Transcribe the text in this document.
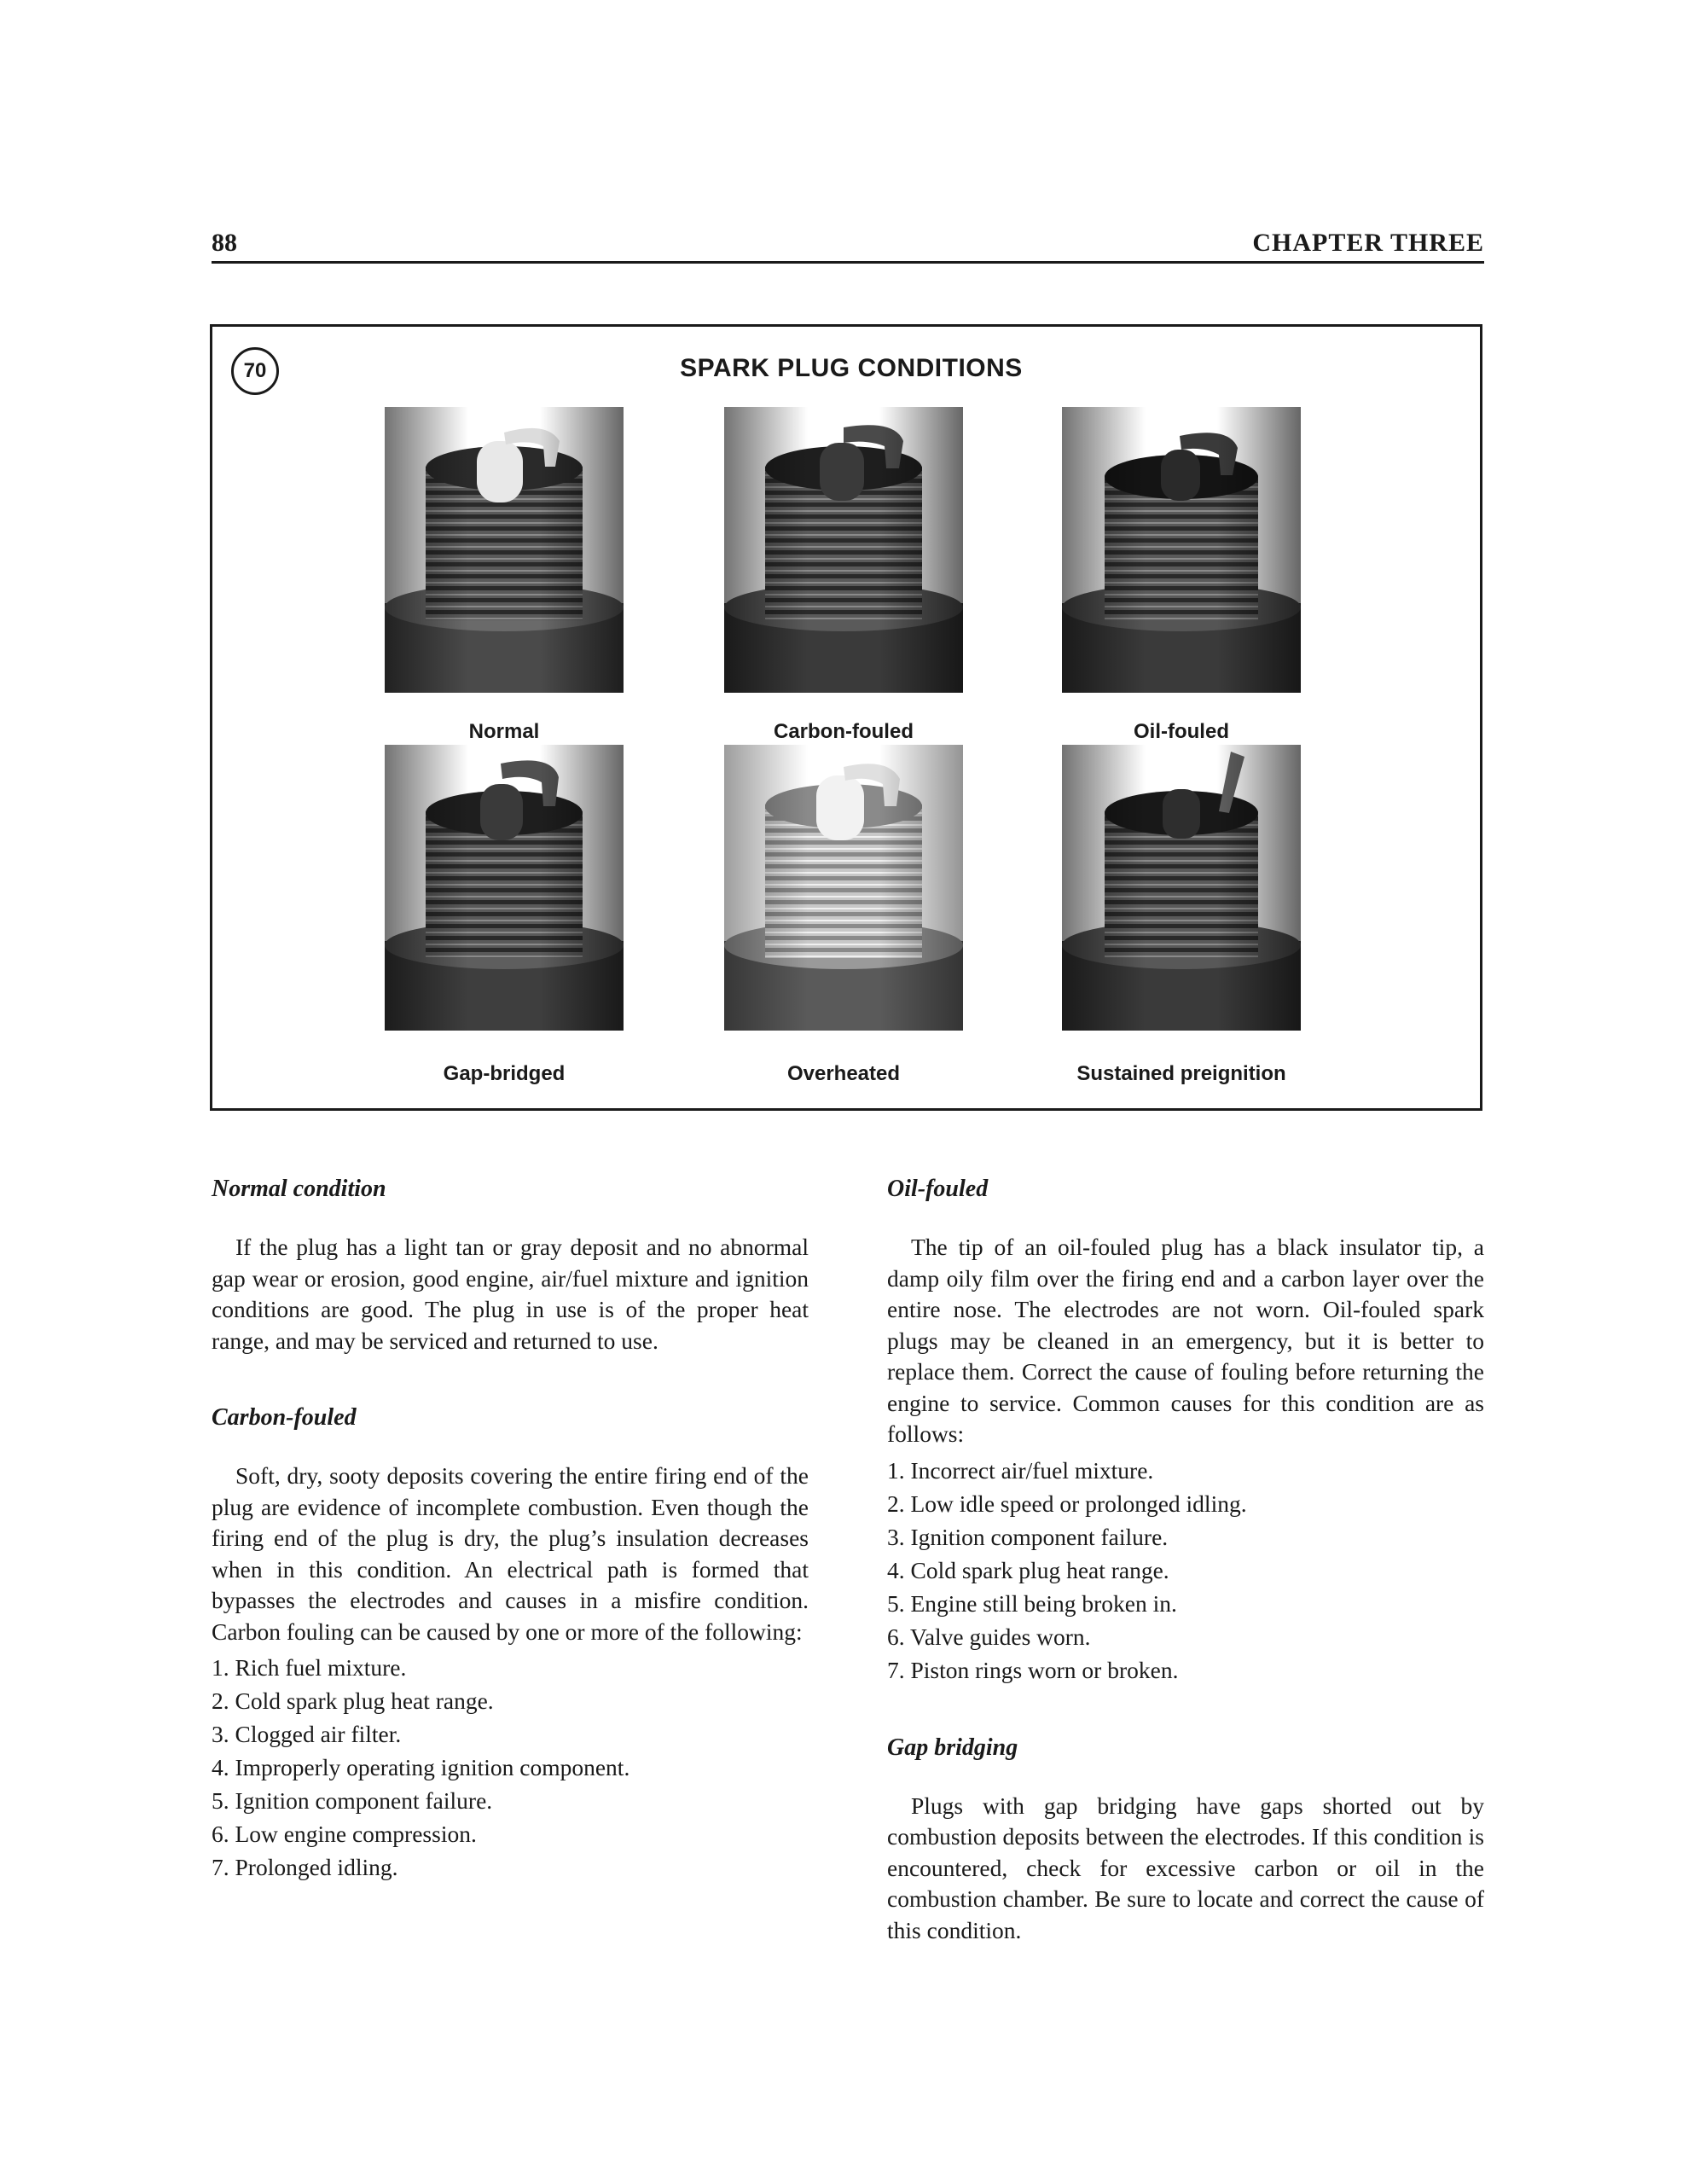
88	CHAPTER THREE
70	SPARK PLUG CONDITIONS
Normal	Carbon-fouled	Oil-fouled
Gap-bridged	Overheated	Sustained preignition
Normal condition

If the plug has a light tan or gray deposit and no abnormal gap wear or erosion, good engine, air/fuel mixture and ignition conditions are good. The plug in use is of the proper heat range, and may be serviced and returned to use.

Carbon-fouled

Soft, dry, sooty deposits covering the entire firing end of the plug are evidence of incomplete combustion. Even though the firing end of the plug is dry, the plug’s insulation decreases when in this condition. An electrical path is formed that bypasses the electrodes and causes in a misfire condition. Carbon fouling can be caused by one or more of the following:

1. Rich fuel mixture.
2. Cold spark plug heat range.
3. Clogged air filter.
4. Improperly operating ignition component.
5. Ignition component failure.
6. Low engine compression.
7. Prolonged idling.
Oil-fouled

The tip of an oil-fouled plug has a black insulator tip, a damp oily film over the firing end and a carbon layer over the entire nose. The electrodes are not worn. Oil-fouled spark plugs may be cleaned in an emergency, but it is better to replace them. Correct the cause of fouling before returning the engine to service. Common causes for this condition are as follows:

1. Incorrect air/fuel mixture.
2. Low idle speed or prolonged idling.
3. Ignition component failure.
4. Cold spark plug heat range.
5. Engine still being broken in.
6. Valve guides worn.
7. Piston rings worn or broken.
Gap bridging

Plugs with gap bridging have gaps shorted out by combustion deposits between the electrodes. If this condition is encountered, check for excessive carbon or oil in the combustion chamber. Be sure to locate and correct the cause of this condition.
